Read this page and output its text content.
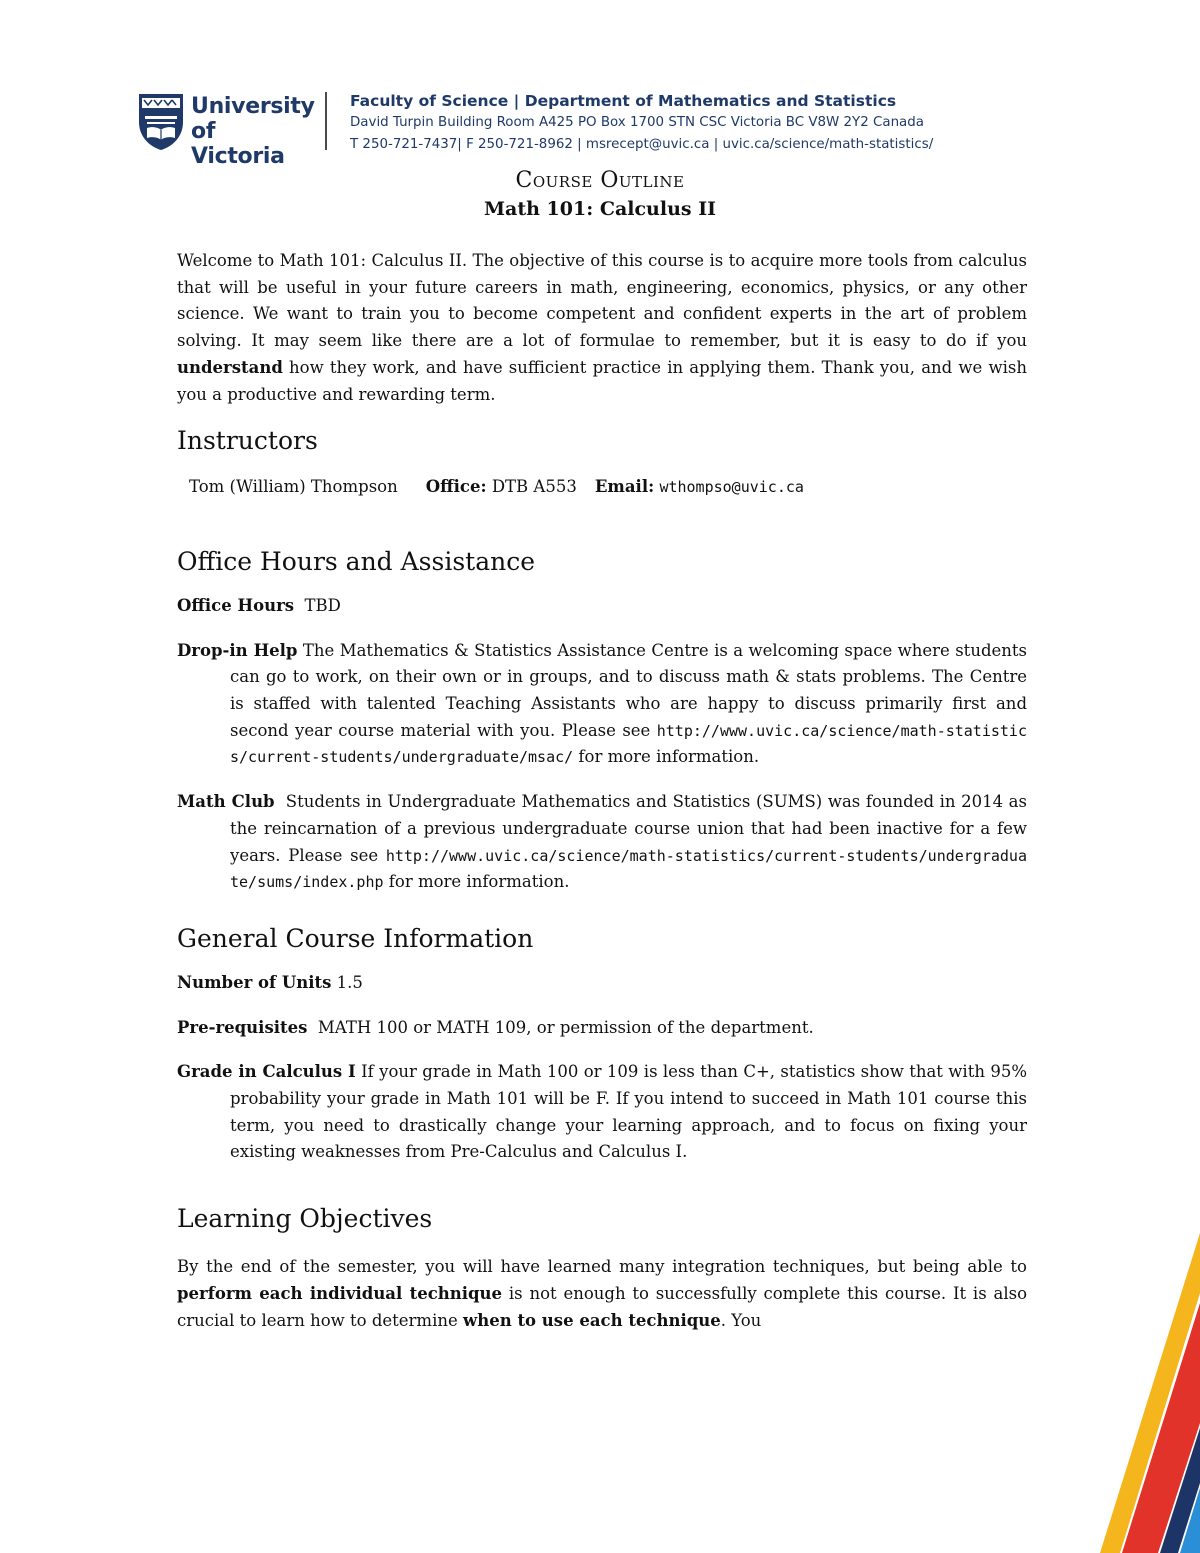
University
of Victoria
Faculty of Science | Department of Mathematics and Statistics
David Turpin Building Room A425 PO Box 1700 STN CSC Victoria BC V8W 2Y2 Canada
T 250-721-7437| F 250-721-8962 | msrecept@uvic.ca | uvic.ca/science/math-statistics/
Course Outline
Math 101: Calculus II

Welcome to Math 101: Calculus II. The objective of this course is to acquire more tools from calculus that will be useful in your future careers in math, engineering, economics, physics, or any other science. We want to train you to become competent and confident experts in the art of problem solving. It may seem like there are a lot of formulae to remember, but it is easy to do if you understand how they work, and have sufficient practice in applying them. Thank you, and we wish you a productive and rewarding term.

Instructors
Tom (William) Thompson Office: DTB A553 Email: wthompso@uvic.ca
Office Hours and Assistance

Office Hours TBD

Drop-in Help The Mathematics & Statistics Assistance Centre is a welcoming space where students can go to work, on their own or in groups, and to discuss math & stats problems. The Centre is staffed with talented Teaching Assistants who are happy to discuss primarily first and second year course material with you. Please see http://www.uvic.ca/science/math-statistics/current-students/undergraduate/msac/ for more information.

Math Club Students in Undergraduate Mathematics and Statistics (SUMS) was founded in 2014 as the reincarnation of a previous undergraduate course union that had been inactive for a few years. Please see http://www.uvic.ca/science/math-statistics/current-students/undergraduate/sums/index.php for more information.

General Course Information

Number of Units 1.5

Pre-requisites MATH 100 or MATH 109, or permission of the department.

Grade in Calculus I If your grade in Math 100 or 109 is less than C+, statistics show that with 95% probability your grade in Math 101 will be F. If you intend to succeed in Math 101 course this term, you need to drastically change your learning approach, and to focus on fixing your existing weaknesses from Pre-Calculus and Calculus I.

Learning Objectives

By the end of the semester, you will have learned many integration techniques, but being able to perform each individual technique is not enough to successfully complete this course. It is also crucial to learn how to determine when to use each technique. You
